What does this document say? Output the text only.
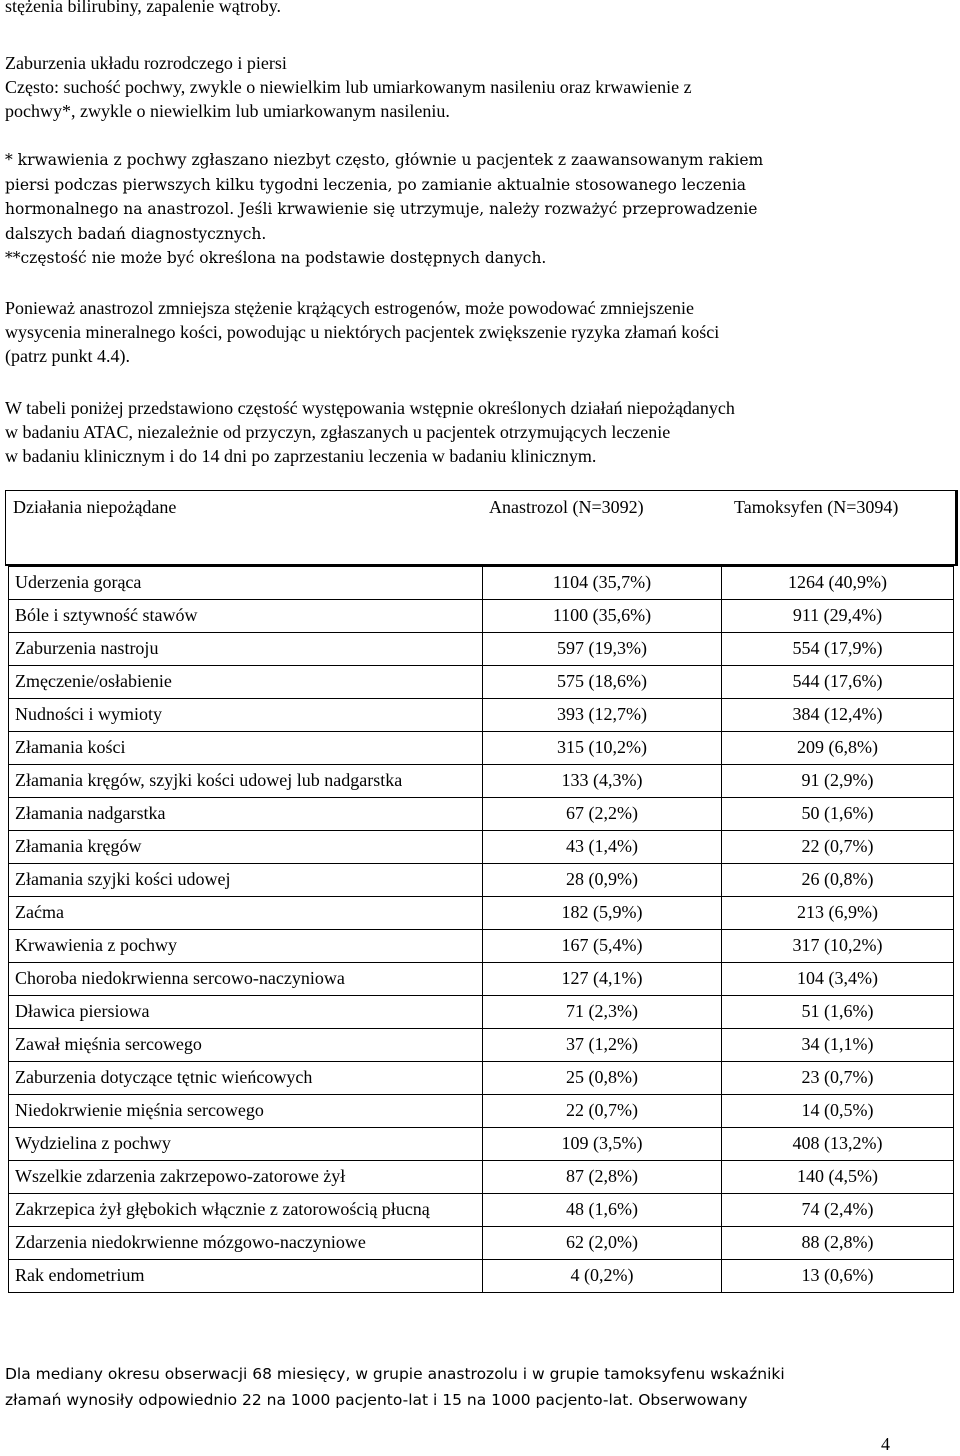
stężenia bilirubiny, zapalenie wątroby.

Zaburzenia układu rozrodczego i piersi

Często: suchość pochwy, zwykle o niewielkim lub umiarkowanym nasileniu oraz krwawienie z
pochwy*, zwykle o niewielkim lub umiarkowanym nasileniu.

* krwawienia z pochwy zgłaszano niezbyt często, głównie u pacjentek z zaawansowanym rakiem
piersi podczas pierwszych kilku tygodni leczenia, po zamianie aktualnie stosowanego leczenia
hormonalnego na anastrozol. Jeśli krwawienie się utrzymuje, należy rozważyć przeprowadzenie
dalszych badań diagnostycznych.
**częstość nie może być określona na podstawie dostępnych danych.

Ponieważ anastrozol zmniejsza stężenie krążących estrogenów, może powodować zmniejszenie
wysycenia mineralnego kości, powodując u niektórych pacjentek zwiększenie ryzyka złamań kości
(patrz punkt 4.4).

W tabeli poniżej przedstawiono częstość występowania wstępnie określonych działań niepożądanych
w badaniu ATAC, niezależnie od przyczyn, zgłaszanych u pacjentek otrzymujących leczenie
w badaniu klinicznym i do 14 dni po zaprzestaniu leczenia w badaniu klinicznym.

Działania niepożądane	Anastrozol (N=3092)	Tamoksyfen (N=3094)
Uderzenia gorąca	1104 (35,7%)	1264 (40,9%)
Bóle i sztywność stawów	1100 (35,6%)	911 (29,4%)
Zaburzenia nastroju	597 (19,3%)	554 (17,9%)
Zmęczenie/osłabienie	575 (18,6%)	544 (17,6%)
Nudności i wymioty	393 (12,7%)	384 (12,4%)
Złamania kości	315 (10,2%)	209 (6,8%)
Złamania kręgów, szyjki kości udowej lub nadgarstka	133 (4,3%)	91 (2,9%)
Złamania nadgarstka	67 (2,2%)	50 (1,6%)
Złamania kręgów	43 (1,4%)	22 (0,7%)
Złamania szyjki kości udowej	28 (0,9%)	26 (0,8%)
Zaćma	182 (5,9%)	213 (6,9%)
Krwawienia z pochwy	167 (5,4%)	317 (10,2%)
Choroba niedokrwienna sercowo-naczyniowa	127 (4,1%)	104 (3,4%)
Dławica piersiowa	71 (2,3%)	51 (1,6%)
Zawał mięśnia sercowego	37 (1,2%)	34 (1,1%)
Zaburzenia dotyczące tętnic wieńcowych	25 (0,8%)	23 (0,7%)
Niedokrwienie mięśnia sercowego	22 (0,7%)	14 (0,5%)
Wydzielina z pochwy	109 (3,5%)	408 (13,2%)
Wszelkie zdarzenia zakrzepowo-zatorowe żył	87 (2,8%)	140 (4,5%)
Zakrzepica żył głębokich włącznie z zatorowością płucną	48 (1,6%)	74 (2,4%)
Zdarzenia niedokrwienne mózgowo-naczyniowe	62 (2,0%)	88 (2,8%)
Rak endometrium	4 (0,2%)	13 (0,6%)

Dla mediany okresu obserwacji 68 miesięcy, w grupie anastrozolu i w grupie tamoksyfenu wskaźniki
złamań wynosiły odpowiednio 22 na 1000 pacjento-lat i 15 na 1000 pacjento-lat. Obserwowany

4
